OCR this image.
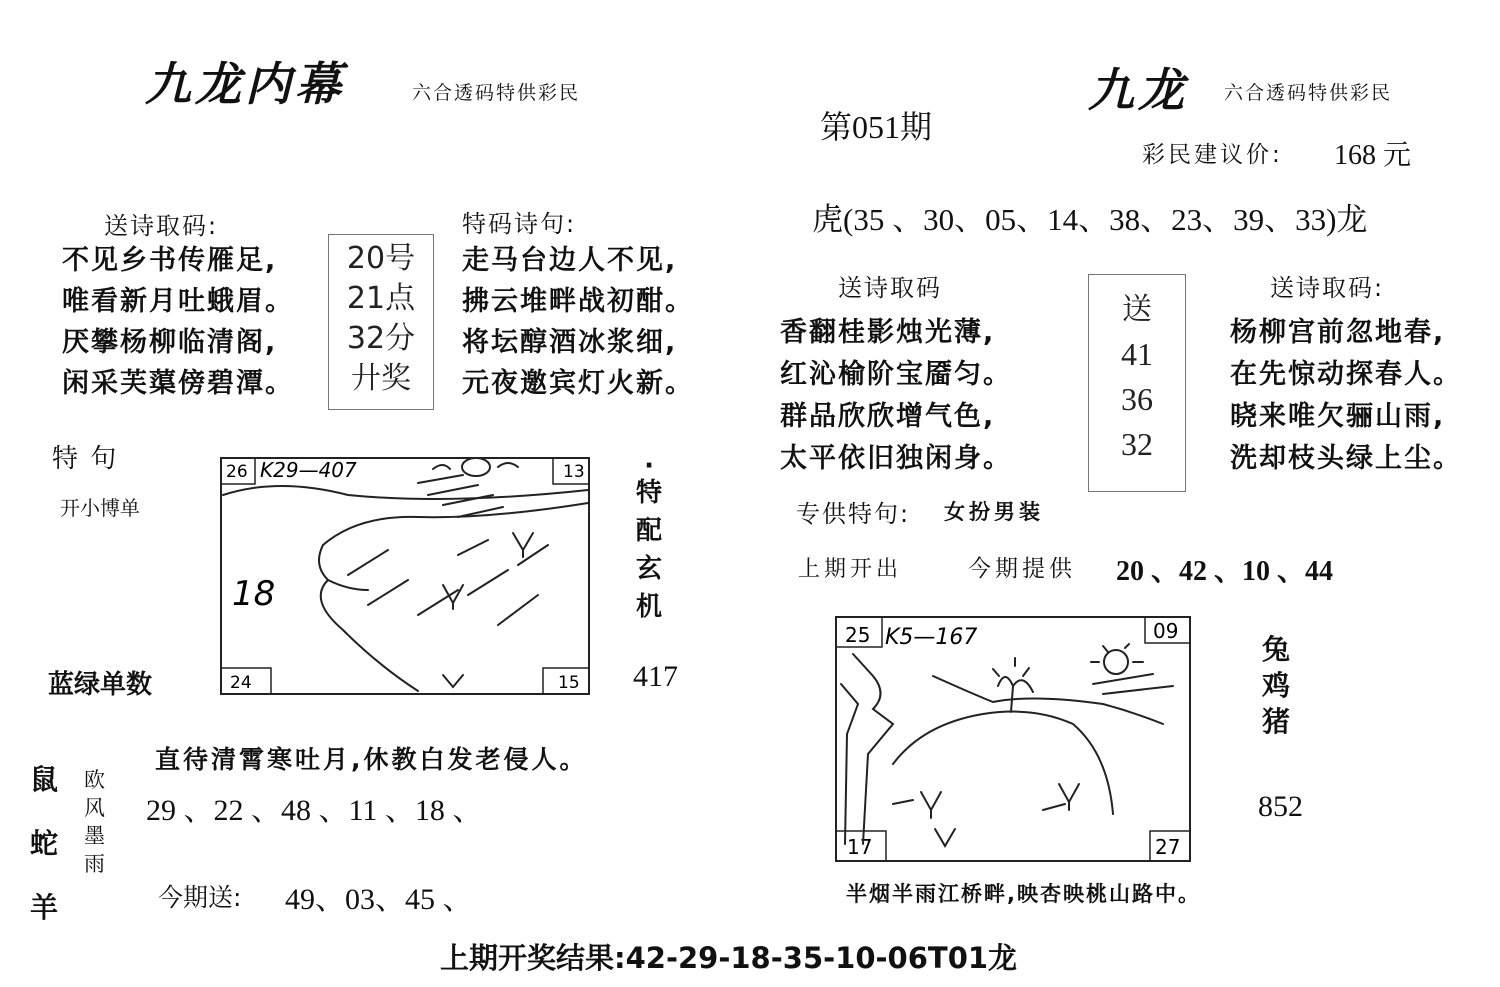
九龙内幕	六合透码特供彩民
送诗取码:

不见乡书传雁足,

唯看新月吐蛾眉。

厌攀杨柳临清阁,

闲采芙蕖傍碧潭。

20号
21点
32分
廾奖
特码诗句:

走马台边人不见,

拂云堆畔战初酣。

将坛醇酒冰浆细,

元夜邀宾灯火新。

特 句
开小博单
蓝绿单数
26	13
24	15
K29—407
18
·
特
配
玄
机
417
直待清霄寒吐月,休教白发老侵人。
鼠
蛇
羊
欧
风
墨
雨
29 、22 、48 、11 、18 、
今期送: 49、03、45 、
第051期
九龙 六合透码特供彩民
彩民建议价: 168 元
虎(35 、30、05、14、38、23、39、33)龙
送诗取码

香翻桂影烛光薄,

红沁榆阶宝靥匀。

群品欣欣增气色,

太平依旧独闲身。

送
41
36
32
送诗取码:

杨柳宫前忽地春,

在先惊动探春人。

晓来唯欠骊山雨,

洗却枝头绿上尘。

专供特句: 女扮男装
上期开出	今期提供 20 、42 、10 、44
25	09
17	27
K5—167	兔
鸡
猪
852
半烟半雨江桥畔,映杏映桃山路中。
上期开奖结果:42-29-18-35-10-06T01龙
